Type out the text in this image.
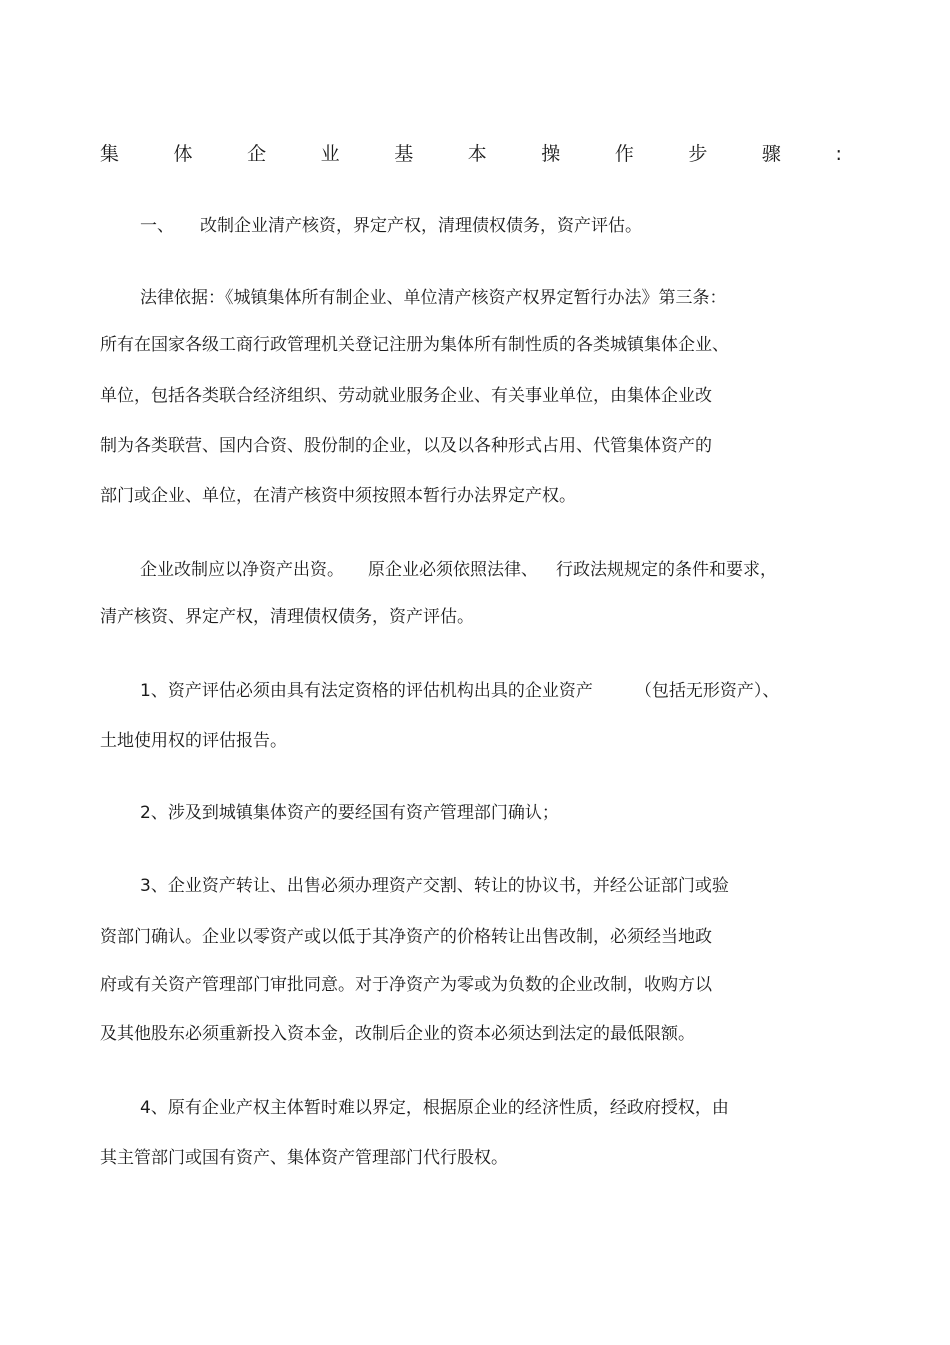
集	体	企	业	基	本	操	作	步	骤	:
一、 改制企业清产核资，界定产权，清理债权债务，资产评估。
法律依据：《城镇集体所有制企业、单位清产核资产权界定暂行办法》第三条：
所有在国家各级工商行政管理机关登记注册为集体所有制性质的各类城镇集体企业、
单位，包括各类联合经济组织、劳动就业服务企业、有关事业单位，由集体企业改
制为各类联营、国内合资、股份制的企业，以及以各种形式占用、代管集体资产的
部门或企业、单位，在清产核资中须按照本暂行办法界定产权。
企业改制应以净资产出资。 原企业必须依照法律、 行政法规规定的条件和要求，
清产核资、界定产权，清理债权债务，资产评估。
1、资产评估必须由具有法定资格的评估机构出具的企业资产 （包括无形资产）、
土地使用权的评估报告。
2、涉及到城镇集体资产的要经国有资产管理部门确认；
3、企业资产转让、出售必须办理资产交割、转让的协议书，并经公证部门或验
资部门确认。企业以零资产或以低于其净资产的价格转让出售改制，必须经当地政
府或有关资产管理部门审批同意。对于净资产为零或为负数的企业改制，收购方以
及其他股东必须重新投入资本金，改制后企业的资本必须达到法定的最低限额。
4、原有企业产权主体暂时难以界定，根据原企业的经济性质，经政府授权，由
其主管部门或国有资产、集体资产管理部门代行股权。
